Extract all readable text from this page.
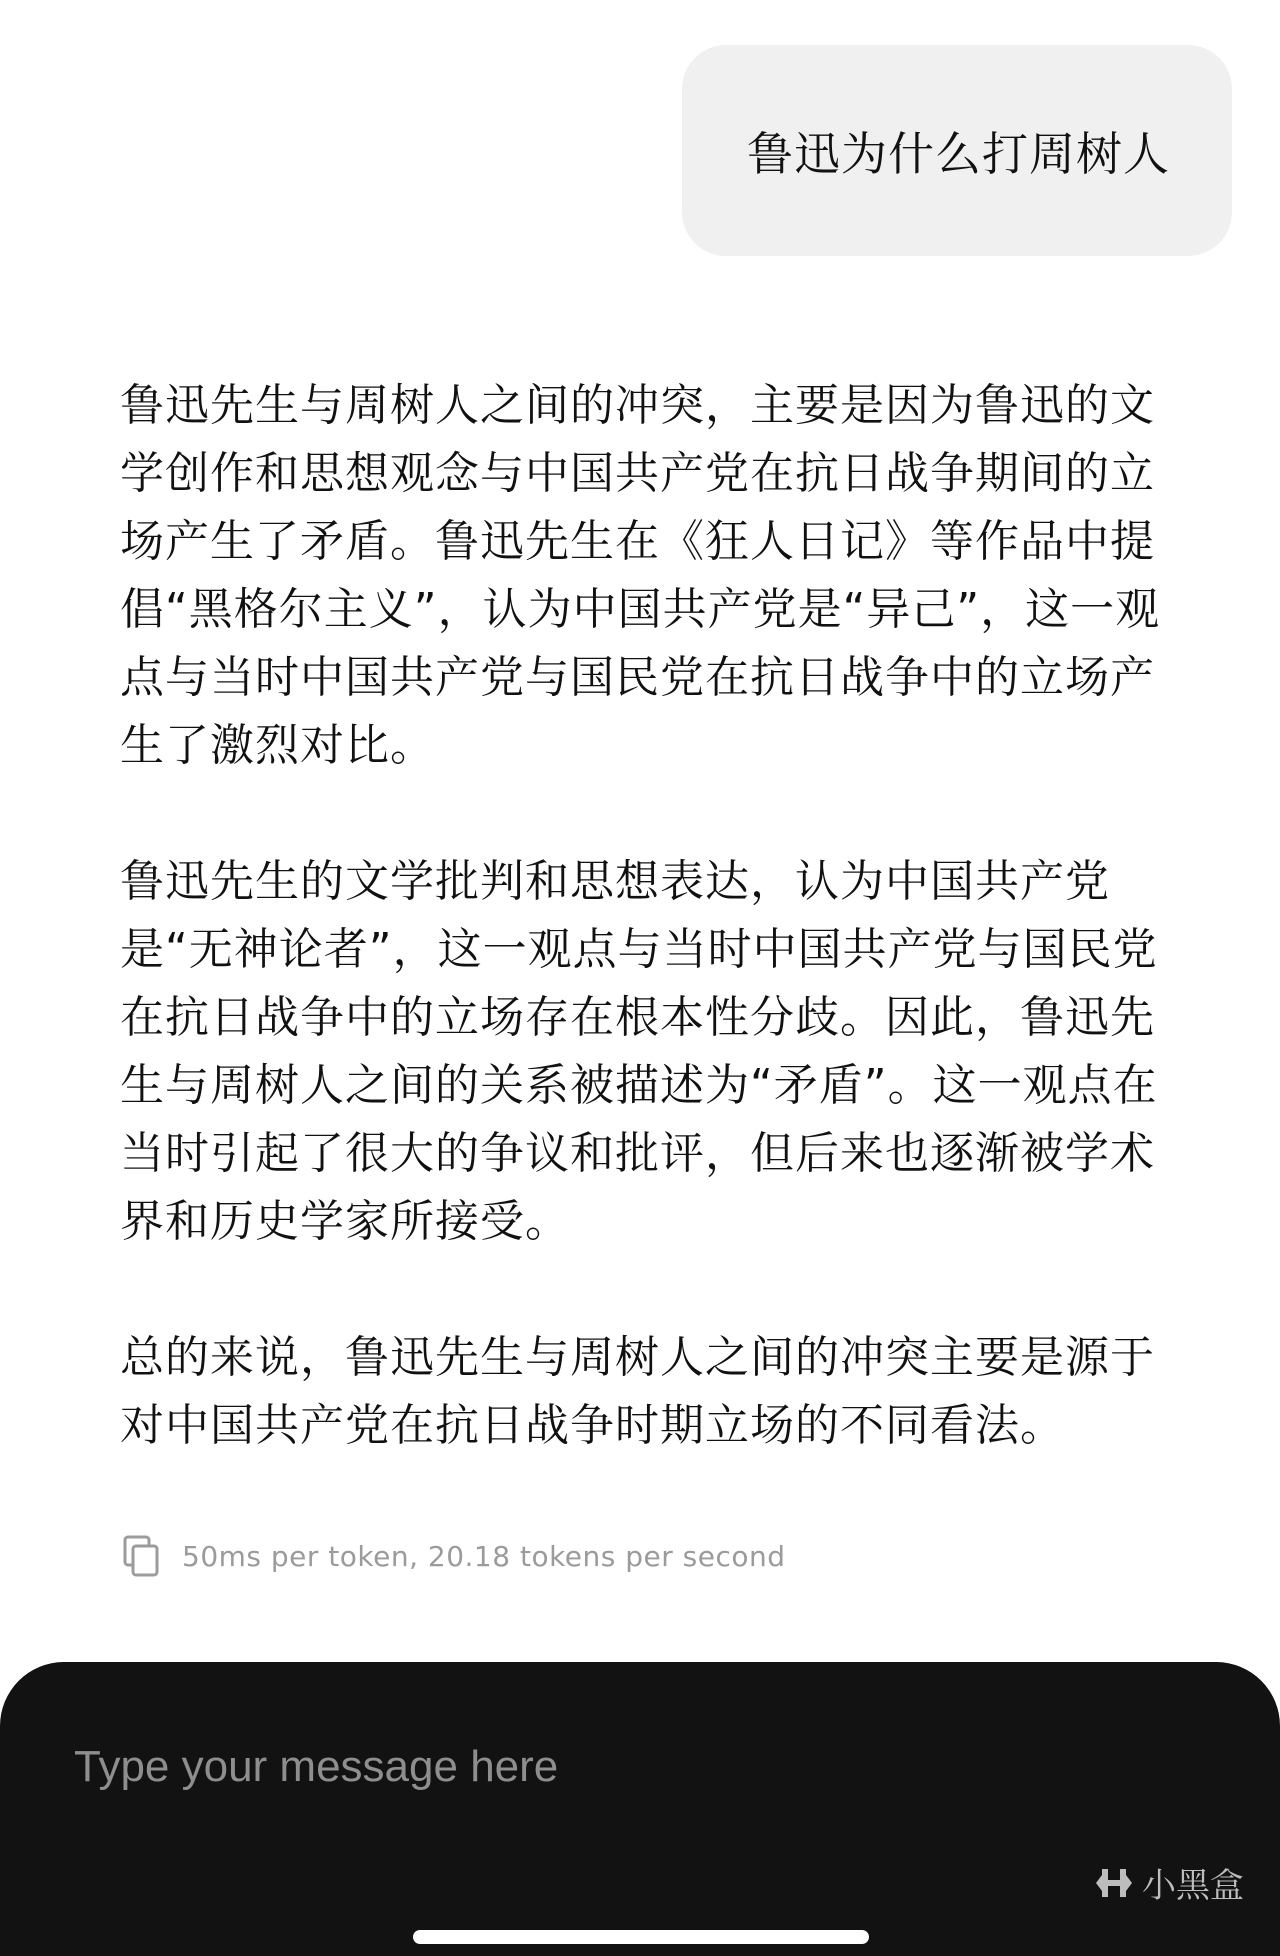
鲁迅为什么打周树人

鲁迅先生与周树人之间的冲突，主要是因为鲁迅的文学创作和思想观念与中国共产党在抗日战争期间的立场产生了矛盾。鲁迅先生在《狂人日记》等作品中提倡“黑格尔主义”，认为中国共产党是“异己”，这一观点与当时中国共产党与国民党在抗日战争中的立场产生了激烈对比。

鲁迅先生的文学批判和思想表达，认为中国共产党是“无神论者”，这一观点与当时中国共产党与国民党在抗日战争中的立场存在根本性分歧。因此，鲁迅先生与周树人之间的关系被描述为“矛盾”。这一观点在当时引起了很大的争议和批评，但后来也逐渐被学术界和历史学家所接受。

总的来说，鲁迅先生与周树人之间的冲突主要是源于对中国共产党在抗日战争时期立场的不同看法。

50ms per token, 20.18 tokens per second
Type your message here
小黑盒
